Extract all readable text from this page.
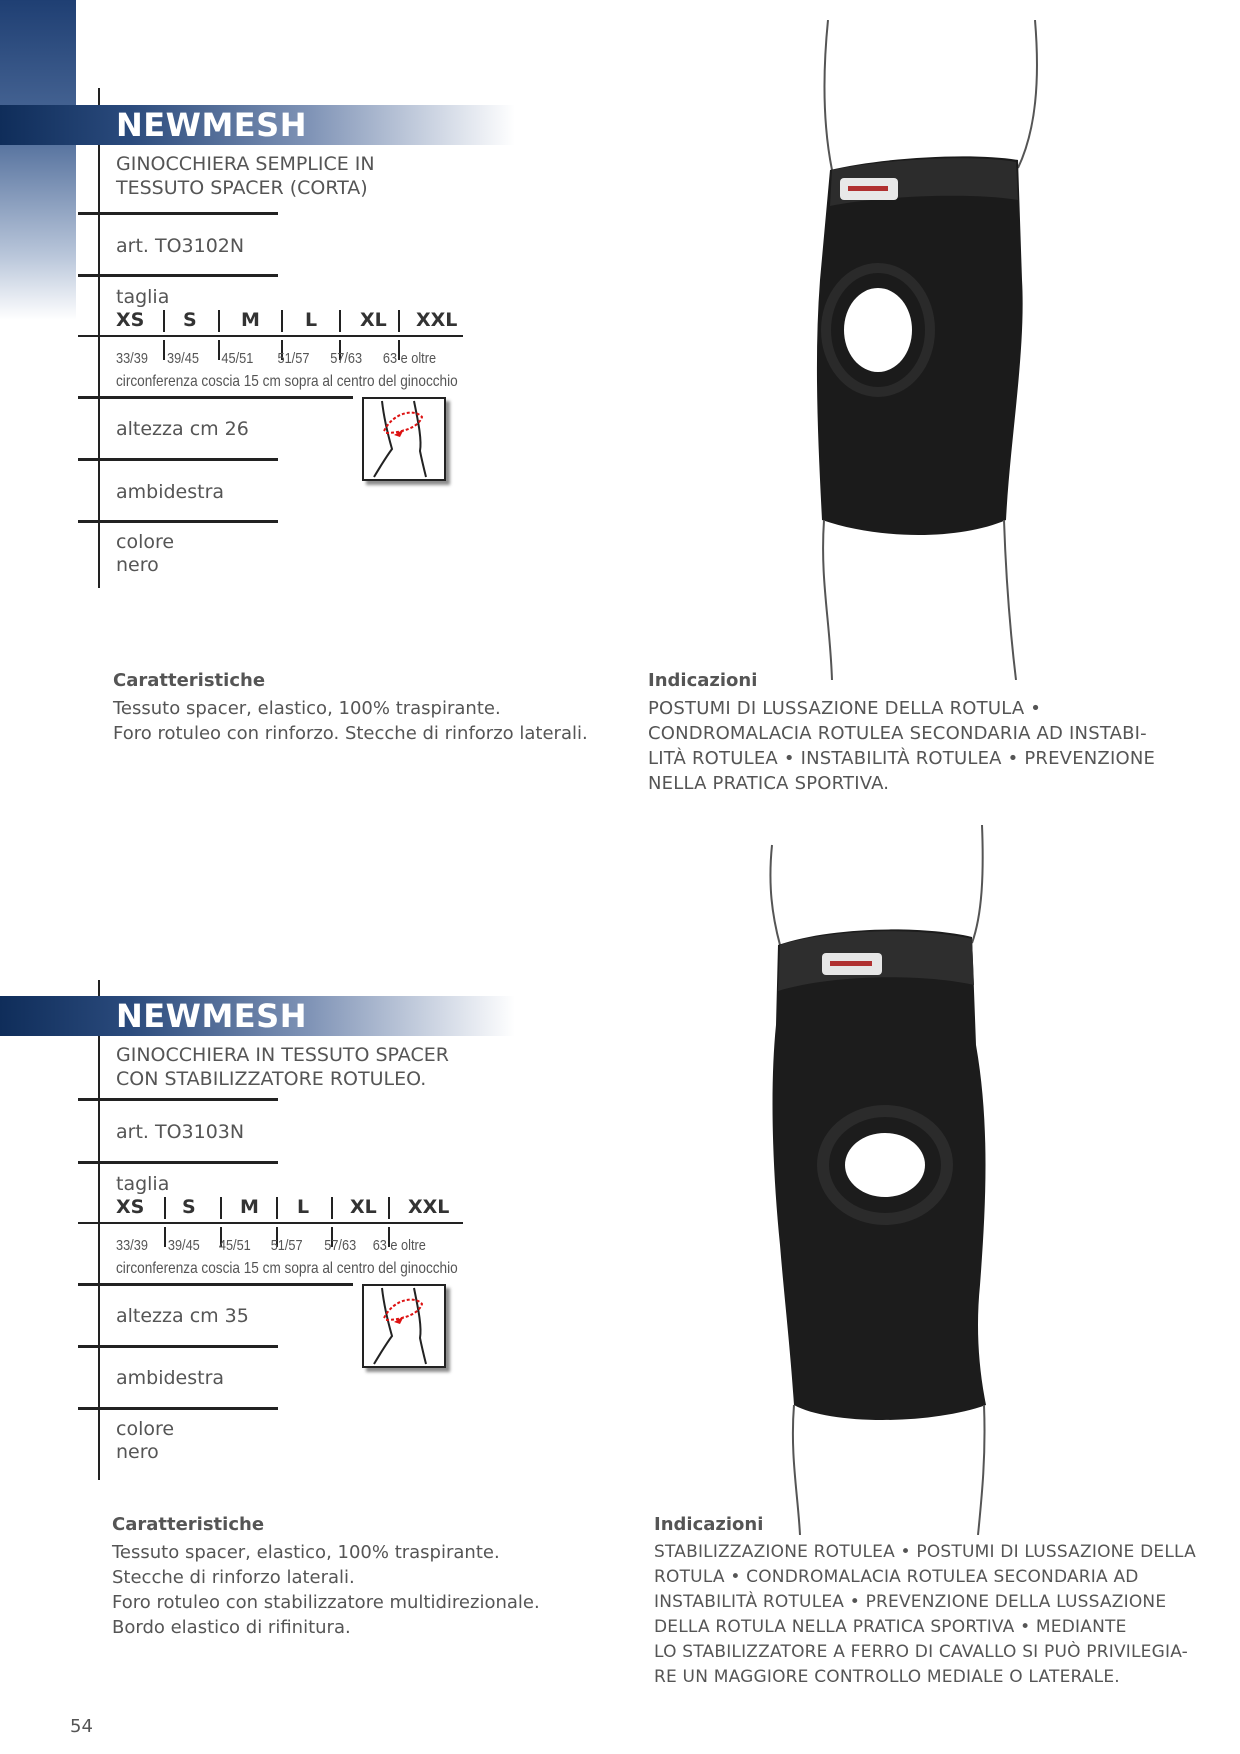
NEWMESH
GINOCCHIERA SEMPLICE IN
TESSUTO SPACER (CORTA)
art. TO3102N
taglia
XS S M L XL XXL
33/39 39/45 45/51 51/57 57/63 63 e oltre
circonferenza coscia 15 cm sopra al centro del ginocchio
altezza cm 26
ambidestra
colore
nero
Caratteristiche
Tessuto spacer, elastico, 100% traspirante.
Foro rotuleo con rinforzo. Stecche di rinforzo laterali.
Indicazioni
POSTUMI DI LUSSAZIONE DELLA ROTULA •
CONDROMALACIA ROTULEA SECONDARIA AD INSTABI-
LITÀ ROTULEA • INSTABILITÀ ROTULEA • PREVENZIONE
NELLA PRATICA SPORTIVA.
NEWMESH
GINOCCHIERA IN TESSUTO SPACER
CON STABILIZZATORE ROTULEO.
art. TO3103N
taglia
XS S M L XL XXL
33/39 39/45 45/51 51/57 57/63 63 e oltre
circonferenza coscia 15 cm sopra al centro del ginocchio
altezza cm 35
ambidestra
colore
nero
Caratteristiche
Tessuto spacer, elastico, 100% traspirante.
Stecche di rinforzo laterali.
Foro rotuleo con stabilizzatore multidirezionale.
Bordo elastico di rifinitura.
Indicazioni
STABILIZZAZIONE ROTULEA • POSTUMI DI LUSSAZIONE DELLA
ROTULA • CONDROMALACIA ROTULEA SECONDARIA AD
INSTABILITÀ ROTULEA • PREVENZIONE DELLA LUSSAZIONE
DELLA ROTULA NELLA PRATICA SPORTIVA • MEDIANTE
LO STABILIZZATORE A FERRO DI CAVALLO SI PUÒ PRIVILEGIA-
RE UN MAGGIORE CONTROLLO MEDIALE O LATERALE.
54
